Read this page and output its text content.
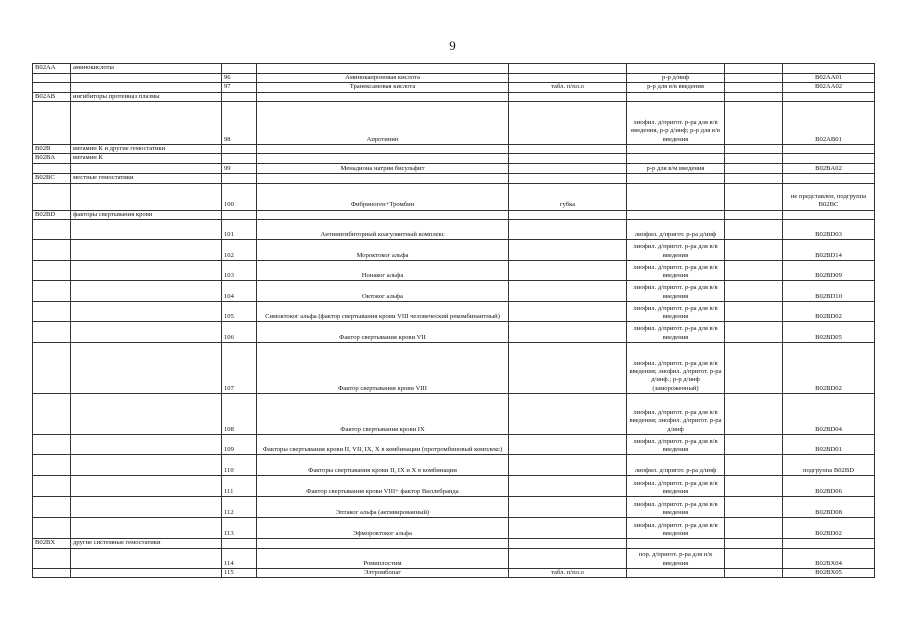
9
B02AA	аминокислоты						
		96	Аминокапроновая кислота		р-р д/инф		B02AA01
		97	Транексамовая кислота	табл. п/пл.о	р-р для в/в введения		B02AA02
B02AB	ингибиторы протеиназ плазмы						
		98	Апротинин		лиофил. д/пригот. р-ра для в/в введения, р-р д/инф; р-р для в/в введения		B02AB01
B02B	витамин К и другие гемостатики						
B02BA	витамин К						
		99	Менадиона натрия бисульфит		р-р для в/м введения		B02BA02
B02BC	местные гемостатики						
		100	Фибриноген+Тромбин	губка			не представлен, подгруппа B02BC
B02BD	факторы свертывания крови						
		101	Антиингибиторный коагулянтный комплекс		лиофил. д/пригот. р-ра д/инф		B02BD03
		102	Мороктоког альфа		лиофил. д/пригот. р-ра для в/в введения		B02BD14
		103	Нонаког альфа		лиофил. д/пригот. р-ра для в/в введения		B02BD09
		104	Октоког альфа		лиофил. д/пригот. р-ра для в/в введения		B02BD10
		105	Симоктоког альфа (фактор свертывания крови VIII человеческий рекомбинантный)		лиофил. д/пригот. р-ра для в/в введения		B02BD02
		106	Фактор свертывания крови VII		лиофил. д/пригот. р-ра для в/в введения		B02BD05
		107	Фактор свертывания крови VIII		лиофил. д/пригот. р-ра для в/в введения; лиофил. д/пригот. р-ра д/инф.; р-р д/инф (замороженный)		B02BD02
		108	Фактор свертывания крови IX		лиофил. д/пригот. р-ра для в/в введения; лиофил. д/пригот. р-ра д/инф		B02BD04
		109	Факторы свертывания крови II, VII, IX, X в комбинации (протромбиновый комплекс)		лиофил. д/пригот. р-ра для в/в введения		B02BD01
		110	Факторы свертывания крови II, IX и X в комбинации		лиофил. д/пригот. р-ра д/инф		подгруппа B02BD
		111	Фактор свертывания крови VIII+ фактор Виллебранда		лиофил. д/пригот. р-ра для в/в введения		B02BD06
		112	Эптаког альфа (активированный)		лиофил. д/пригот. р-ра для в/в введения		B02BD08
		113	Эфмороктоког альфа		лиофил. д/пригот. р-ра для в/в введения		B02BD02
B02BX	другие системные гемостатики						
		114	Ромиплостим		пор. д/пригот. р-ра для п/к введения		B02BX04
		115	Элтромбопаг	табл. п/пл.о			B02BX05
